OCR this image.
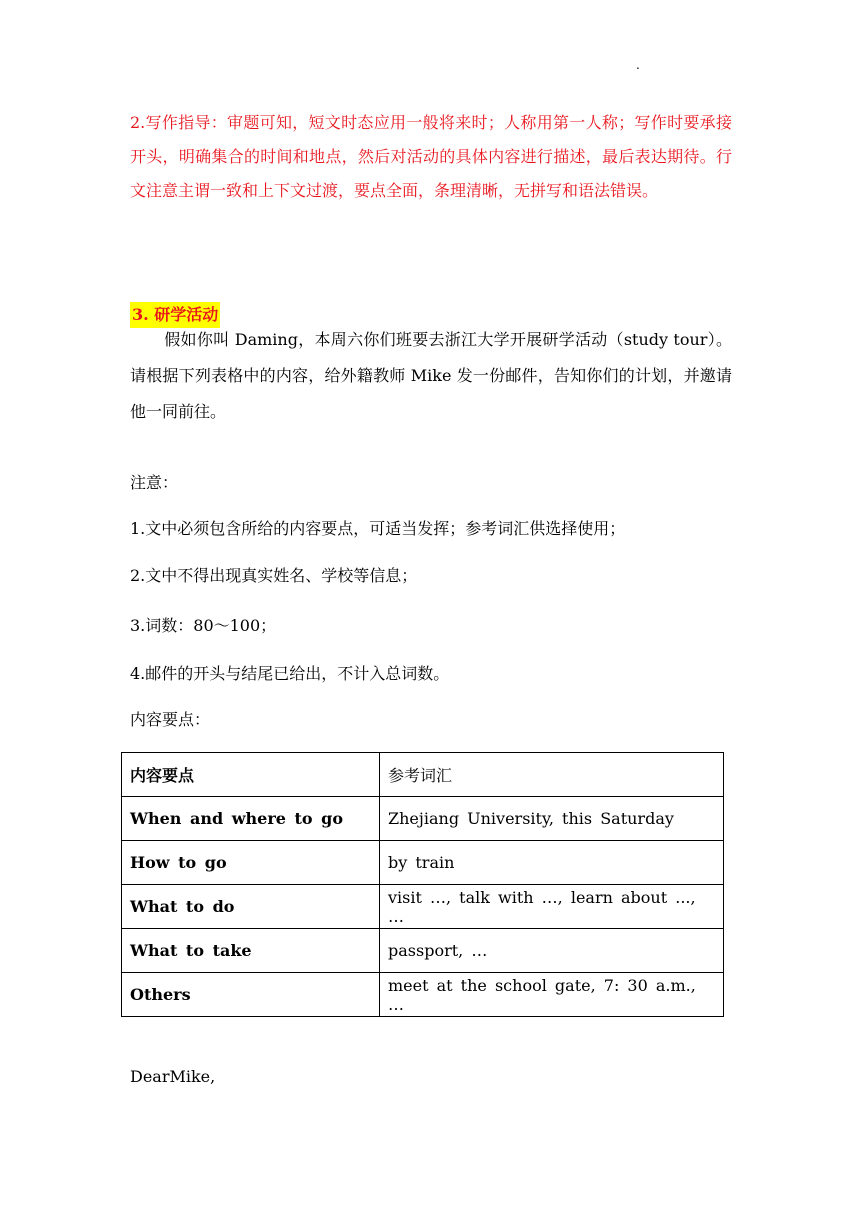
.
2.写作指导：审题可知，短文时态应用一般将来时；人称用第一人称；写作时要承接开头，明确集合的时间和地点，然后对活动的具体内容进行描述，最后表达期待。行文注意主谓一致和上下文过渡，要点全面，条理清晰，无拼写和语法错误。
3. 研学活动
假如你叫 Daming，本周六你们班要去浙江大学开展研学活动（study tour）。请根据下列表格中的内容，给外籍教师 Mike 发一份邮件，告知你们的计划，并邀请他一同前往。
注意：
1.文中必须包含所给的内容要点，可适当发挥；参考词汇供选择使用；
2.文中不得出现真实姓名、学校等信息；
3.词数：80～100；
4.邮件的开头与结尾已给出，不计入总词数。
内容要点：
内容要点	参考词汇
When and where to go	Zhejiang University, this Saturday
How to go	by train
What to do	visit …, talk with …, learn about ..., …
What to take	passport, …
Others	meet at the school gate, 7: 30 a.m., …
DearMike,
